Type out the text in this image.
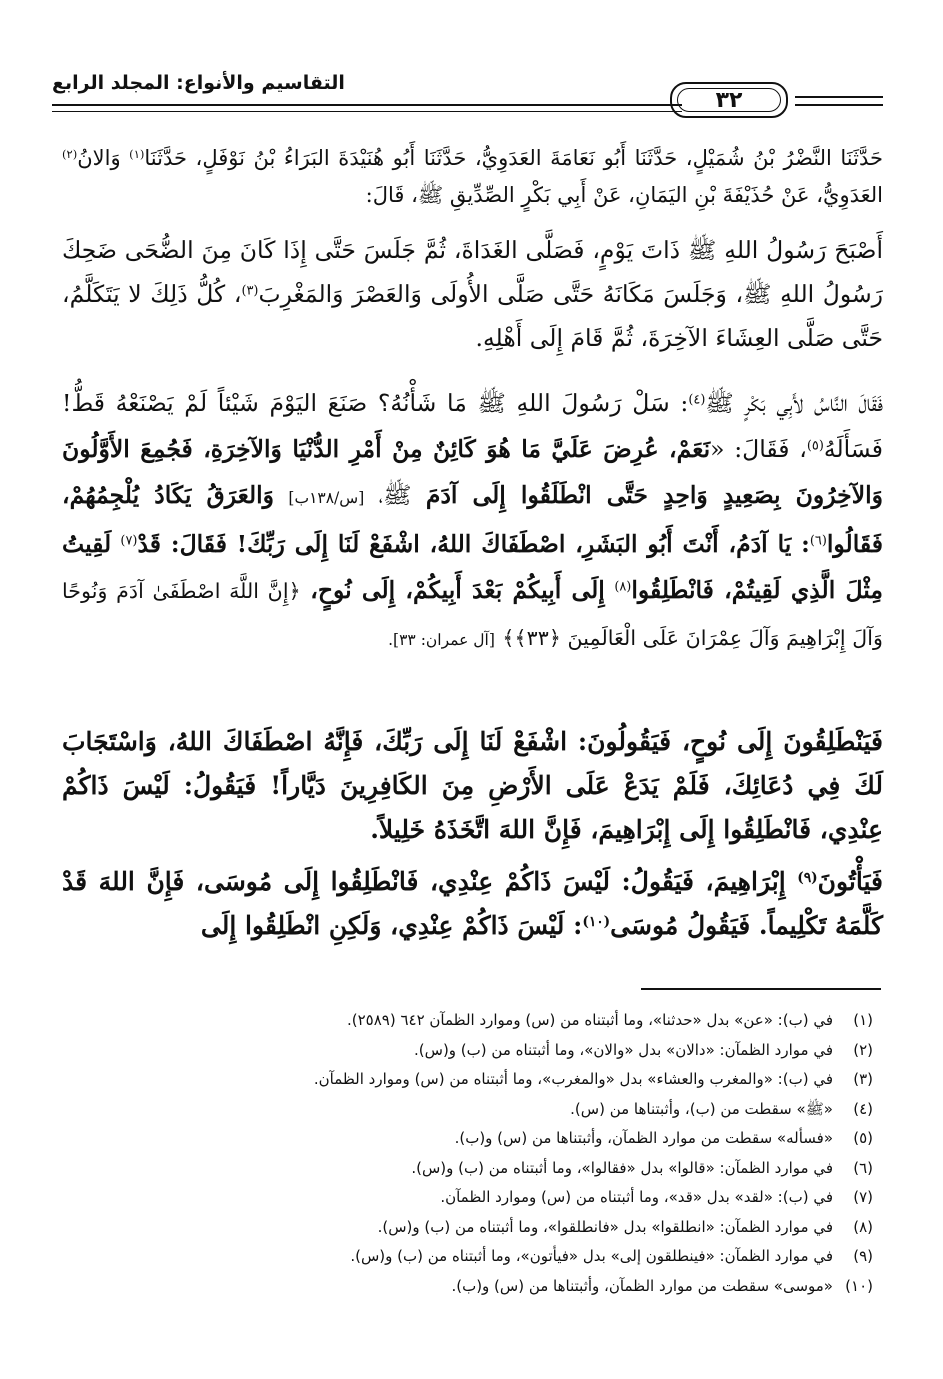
٣٢
التقاسيم والأنواع: المجلد الرابع

حَدَّثَنَا النَّضْرُ بْنُ شُمَيْلٍ، حَدَّثَنَا أَبُو نَعَامَةَ العَدَوِيُّ، حَدَّثَنَا أَبُو هُنَيْدَةَ البَرَاءُ بْنُ نَوْفَلٍ، حَدَّثَنَا$^{(١)}$ وَالانُ$^{(٢)}$ العَدَوِيُّ، عَنْ حُذَيْفَةَ بْنِ اليَمَانِ، عَنْ أَبِي بَكْرٍ الصِّدِّيقِ ﷺ، قَالَ:

أَصْبَحَ رَسُولُ اللهِ ﷺ ذَاتَ يَوْمٍ، فَصَلَّى الغَدَاةَ، ثُمَّ جَلَسَ حَتَّى إِذَا كَانَ مِنَ الضُّحَى ضَحِكَ رَسُولُ اللهِ ﷺ، وَجَلَسَ مَكَانَهُ حَتَّى صَلَّى الأُولَى وَالعَصْرَ وَالمَغْرِبَ$^{(٣)}$، كُلُّ ذَلِكَ لا يَتَكَلَّمُ، حَتَّى صَلَّى العِشَاءَ الآخِرَةَ، ثُمَّ قَامَ إِلَى أَهْلِهِ.

فَقَالَ النَّاسُ لأَبِي بَكْرٍ ﷺ$^{(٤)}$: سَلْ رَسُولَ اللهِ ﷺ مَا شَأْنُهُ؟ صَنَعَ اليَوْمَ شَيْئاً لَمْ يَصْنَعْهُ قَطُّ! فَسَأَلَهُ$^{(٥)}$، فَقَالَ: «نَعَمْ، عُرِضَ عَلَيَّ مَا هُوَ كَائِنٌ مِنْ أَمْرِ الدُّنْيَا وَالآخِرَةِ، فَجُمِعَ الأَوَّلُونَ وَالآخِرُونَ بِصَعِيدٍ وَاحِدٍ حَتَّى انْطَلَقُوا إِلَى آدَمَ ﷺ، [س/١٣٨ب] وَالعَرَقُ يَكَادُ يُلْجِمُهُمْ، فَقَالُوا$^{(٦)}$: يَا آدَمُ، أَنْتَ أَبُو البَشَرِ، اصْطَفَاكَ اللهُ، اشْفَعْ لَنَا إِلَى رَبِّكَ! فَقَالَ: قَدْ$^{(٧)}$ لَقِيتُ مِثْلَ الَّذِي لَقِيتُمْ، فَانْطَلِقُوا$^{(٨)}$ إِلَى أَبِيكُمْ بَعْدَ أَبِيكُمْ، إِلَى نُوحٍ، ﴿إِنَّ اللَّهَ اصْطَفَىٰ آدَمَ وَنُوحًا وَآلَ إِبْرَاهِيمَ وَآلَ عِمْرَانَ عَلَى الْعَالَمِينَ ﴿٣٣﴾﴾ [آل عمران: ٣٣].

فَيَنْطَلِقُونَ إِلَى نُوحٍ، فَيَقُولُونَ: اشْفَعْ لَنَا إِلَى رَبِّكَ، فَإِنَّهُ اصْطَفَاكَ اللهُ، وَاسْتَجَابَ لَكَ فِي دُعَائِكَ، فَلَمْ يَدَعْ عَلَى الأَرْضِ مِنَ الكَافِرِينَ دَيَّاراً! فَيَقُولُ: لَيْسَ ذَاكُمْ عِنْدِي، فَانْطَلِقُوا إِلَى إِبْرَاهِيمَ، فَإِنَّ اللهَ اتَّخَذَهُ خَلِيلاً.

فَيَأْتُونَ$^{(٩)}$ إِبْرَاهِيمَ، فَيَقُولُ: لَيْسَ ذَاكُمْ عِنْدِي، فَانْطَلِقُوا إِلَى مُوسَى، فَإِنَّ اللهَ قَدْ كَلَّمَهُ تَكْلِيماً. فَيَقُولُ مُوسَى$^{(١٠)}$: لَيْسَ ذَاكُمْ عِنْدِي، وَلَكِنِ انْطَلِقُوا إِلَى

(١)في (ب): «عن» بدل «حدثنا»، وما أثبتناه من (س) وموارد الظمآن ٦٤٢ (٢٥٨٩).
(٢)في موارد الظمآن: «دالان» بدل «والان»، وما أثبتناه من (ب) و(س).
(٣)في (ب): «والمغرب والعشاء» بدل «والمغرب»، وما أثبتناه من (س) وموارد الظمآن.
(٤)«ﷺ» سقطت من (ب)، وأثبتناها من (س).
(٥)«فسأله» سقطت من موارد الظمآن، وأثبتناها من (س) و(ب).
(٦)في موارد الظمآن: «قالوا» بدل «فقالوا»، وما أثبتناه من (ب) و(س).
(٧)في (ب): «لقد» بدل «قد»، وما أثبتناه من (س) وموارد الظمآن.
(٨)في موارد الظمآن: «انطلقوا» بدل «فانطلقوا»، وما أثبتناه من (ب) و(س).
(٩)في موارد الظمآن: «فينطلقون إلى» بدل «فيأتون»، وما أثبتناه من (ب) و(س).
(١٠)«موسى» سقطت من موارد الظمآن، وأثبتناها من (س) و(ب).
